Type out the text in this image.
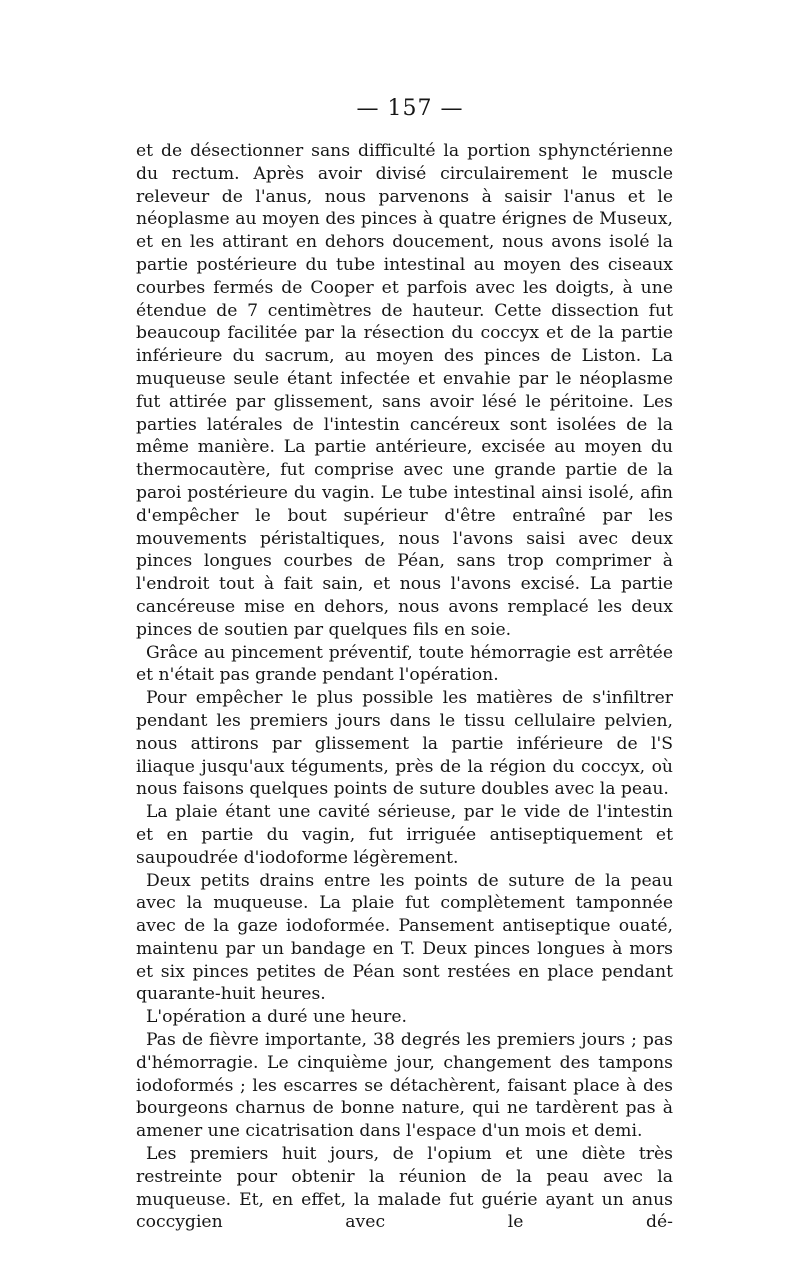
— 157 —

et de désectionner sans difficulté la portion sphynctérienne du rectum. Après avoir divisé circulairement le muscle releveur de l'anus, nous parvenons à saisir l'anus et le néoplasme au moyen des pinces à quatre érignes de Museux, et en les attirant en dehors doucement, nous avons isolé la partie postérieure du tube intestinal au moyen des ciseaux courbes fermés de Cooper et parfois avec les doigts, à une étendue de 7 centimètres de hauteur. Cette dissection fut beaucoup facilitée par la résection du coccyx et de la partie inférieure du sacrum, au moyen des pinces de Liston. La muqueuse seule étant infectée et envahie par le néoplasme fut attirée par glissement, sans avoir lésé le péritoine. Les parties latérales de l'intestin cancéreux sont isolées de la même manière. La partie antérieure, excisée au moyen du thermocautère, fut comprise avec une grande partie de la paroi postérieure du vagin. Le tube intestinal ainsi isolé, afin d'empêcher le bout supérieur d'être entraîné par les mouvements péristaltiques, nous l'avons saisi avec deux pinces longues courbes de Péan, sans trop comprimer à l'endroit tout à fait sain, et nous l'avons excisé. La partie cancéreuse mise en dehors, nous avons remplacé les deux pinces de soutien par quelques fils en soie.

Grâce au pincement préventif, toute hémorragie est arrêtée et n'était pas grande pendant l'opération.

Pour empêcher le plus possible les matières de s'infiltrer pendant les premiers jours dans le tissu cellulaire pelvien, nous attirons par glissement la partie inférieure de l'S iliaque jusqu'aux téguments, près de la région du coccyx, où nous faisons quelques points de suture doubles avec la peau.

La plaie étant une cavité sérieuse, par le vide de l'intestin et en partie du vagin, fut irriguée antiseptiquement et saupoudrée d'iodoforme légèrement.

Deux petits drains entre les points de suture de la peau avec la muqueuse. La plaie fut complètement tamponnée avec de la gaze iodoformée. Pansement antiseptique ouaté, maintenu par un bandage en T. Deux pinces longues à mors et six pinces petites de Péan sont restées en place pendant quarante-huit heures.

L'opération a duré une heure.

Pas de fièvre importante, 38 degrés les premiers jours ; pas d'hémorragie. Le cinquième jour, changement des tampons iodoformés ; les escarres se détachèrent, faisant place à des bourgeons charnus de bonne nature, qui ne tardèrent pas à amener une cicatrisation dans l'espace d'un mois et demi.

Les premiers huit jours, de l'opium et une diète très restreinte pour obtenir la réunion de la peau avec la muqueuse. Et, en effet, la malade fut guérie ayant un anus coccygien avec le dé-
